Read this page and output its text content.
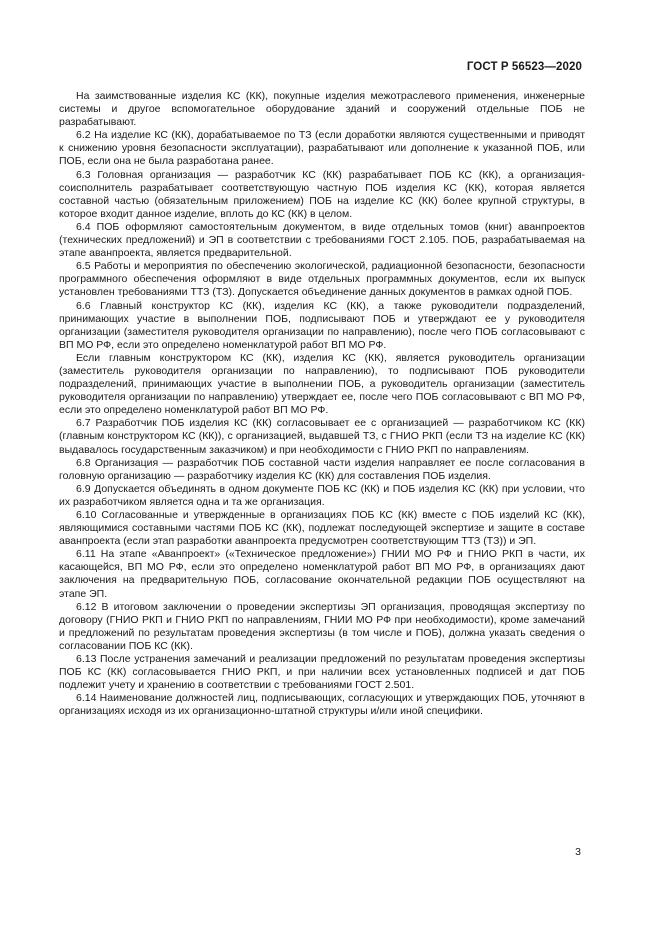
ГОСТ Р 56523—2020

На заимствованные изделия КС (КК), покупные изделия межотраслевого применения, инженерные системы и другое вспомогательное оборудование зданий и сооружений отдельные ПОБ не разрабатывают.

6.2 На изделие КС (КК), дорабатываемое по ТЗ (если доработки являются существенными и приводят к снижению уровня безопасности эксплуатации), разрабатывают или дополнение к указанной ПОБ, или ПОБ, если она не была разработана ранее.

6.3 Головная организация — разработчик КС (КК) разрабатывает ПОБ КС (КК), а организация-соисполнитель разрабатывает соответствующую частную ПОБ изделия КС (КК), которая является составной частью (обязательным приложением) ПОБ на изделие КС (КК) более крупной структуры, в которое входит данное изделие, вплоть до КС (КК) в целом.

6.4 ПОБ оформляют самостоятельным документом, в виде отдельных томов (книг) аванпроектов (технических предложений) и ЭП в соответствии с требованиями ГОСТ 2.105. ПОБ, разрабатываемая на этапе аванпроекта, является предварительной.

6.5 Работы и мероприятия по обеспечению экологической, радиационной безопасности, безопасности программного обеспечения оформляют в виде отдельных программных документов, если их выпуск установлен требованиями ТТЗ (ТЗ). Допускается объединение данных документов в рамках одной ПОБ.

6.6 Главный конструктор КС (КК), изделия КС (КК), а также руководители подразделений, принимающих участие в выполнении ПОБ, подписывают ПОБ и утверждают ее у руководителя организации (заместителя руководителя организации по направлению), после чего ПОБ согласовывают с ВП МО РФ, если это определено номенклатурой работ ВП МО РФ.

Если главным конструктором КС (КК), изделия КС (КК), является руководитель организации (заместитель руководителя организации по направлению), то подписывают ПОБ руководители подразделений, принимающих участие в выполнении ПОБ, а руководитель организации (заместитель руководителя организации по направлению) утверждает ее, после чего ПОБ согласовывают с ВП МО РФ, если это определено номенклатурой работ ВП МО РФ.

6.7 Разработчик ПОБ изделия КС (КК) согласовывает ее с организацией — разработчиком КС (КК) (главным конструктором КС (КК)), с организацией, выдавшей ТЗ, с ГНИО РКП (если ТЗ на изделие КС (КК) выдавалось государственным заказчиком) и при необходимости с ГНИО РКП по направлениям.

6.8 Организация — разработчик ПОБ составной части изделия направляет ее после согласования в головную организацию — разработчику изделия КС (КК) для составления ПОБ изделия.

6.9 Допускается объединять в одном документе ПОБ КС (КК) и ПОБ изделия КС (КК) при условии, что их разработчиком является одна и та же организация.

6.10 Согласованные и утвержденные в организациях ПОБ КС (КК) вместе с ПОБ изделий КС (КК), являющимися составными частями ПОБ КС (КК), подлежат последующей экспертизе и защите в составе аванпроекта (если этап разработки аванпроекта предусмотрен соответствующим ТТЗ (ТЗ)) и ЭП.

6.11 На этапе «Аванпроект» («Техническое предложение») ГНИИ МО РФ и ГНИО РКП в части, их касающейся, ВП МО РФ, если это определено номенклатурой работ ВП МО РФ, в организациях дают заключения на предварительную ПОБ, согласование окончательной редакции ПОБ осуществляют на этапе ЭП.

6.12 В итоговом заключении о проведении экспертизы ЭП организация, проводящая экспертизу по договору (ГНИО РКП и ГНИО РКП по направлениям, ГНИИ МО РФ при необходимости), кроме замечаний и предложений по результатам проведения экспертизы (в том числе и ПОБ), должна указать сведения о согласовании ПОБ КС (КК).

6.13 После устранения замечаний и реализации предложений по результатам проведения экспертизы ПОБ КС (КК) согласовывается ГНИО РКП, и при наличии всех установленных подписей и дат ПОБ подлежит учету и хранению в соответствии с требованиями ГОСТ 2.501.

6.14 Наименование должностей лиц, подписывающих, согласующих и утверждающих ПОБ, уточняют в организациях исходя из их организационно-штатной структуры и/или иной специфики.

3
